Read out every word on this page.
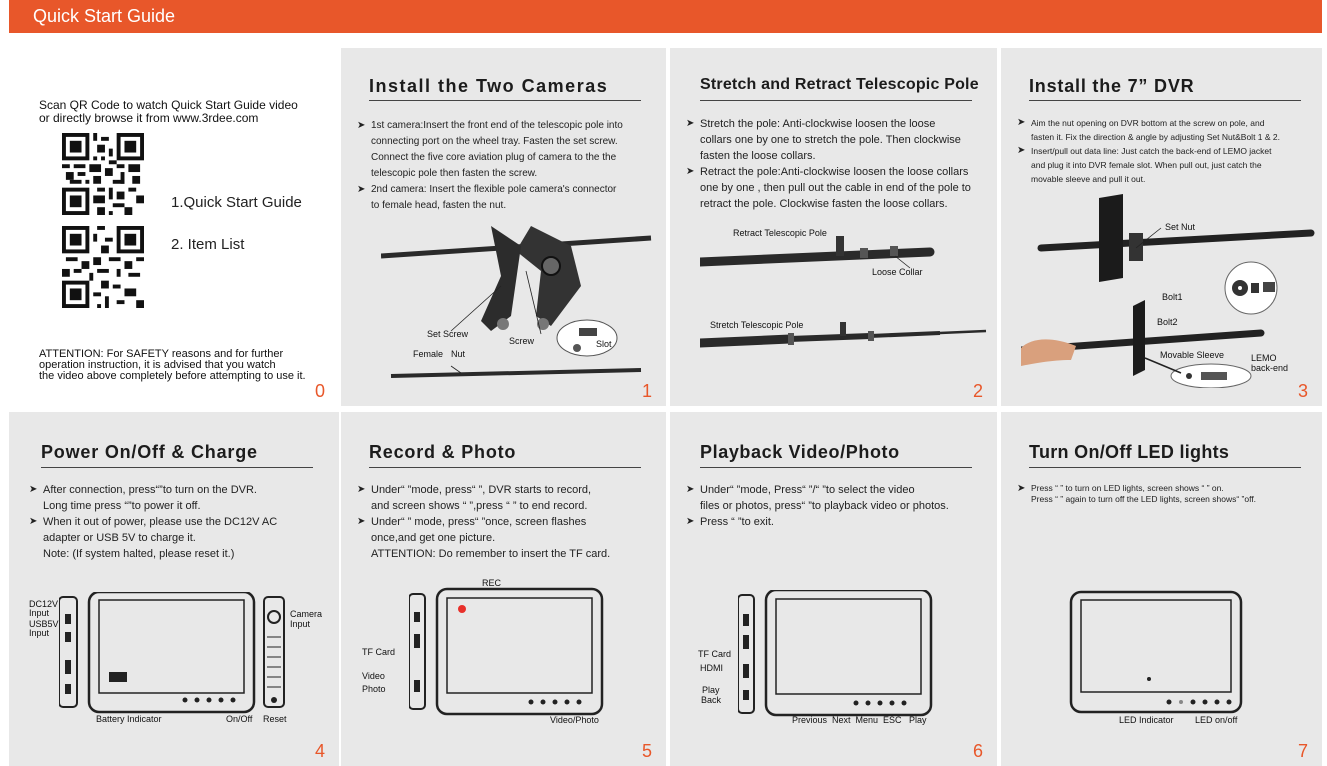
Quick Start Guide
Scan QR Code to watch Quick Start Guide video
or directly browse it from www.3rdee.com
1.Quick Start Guide
2. Item List
ATTENTION: For SAFETY reasons and for further
operation instruction, it is advised that you watch
the video above completely before attempting to use it.
0
Install the Two Cameras
➤ 1st camera:Insert the front end of the telescopic pole into
connecting port on the wheel tray. Fasten the set screw.
Connect the five core aviation plug of camera to the the
telescopic pole then fasten the screw.
➤ 2nd camera: Insert the flexible pole camera's connector
to female head, fasten the nut.
Set Screw
Screw	Slot
Female Nut
1
Stretch and Retract Telescopic Pole
➤ Stretch the pole: Anti-clockwise loosen the loose
collars one by one to stretch the pole. Then clockwise
fasten the loose collars.
➤ Retract the pole:Anti-clockwise loosen the loose collars
one by one , then pull out the cable in end of the pole to
retract the pole. Clockwise fasten the loose collars.
Retract Telescopic Pole
Loose Collar
Stretch Telescopic Pole
2
Install the 7” DVR
➤ Aim the nut opening on DVR bottom at the screw on pole, and
fasten it. Fix the direction & angle by adjusting Set Nut&Bolt 1 & 2.
➤ Insert/pull out data line: Just catch the back-end of LEMO jacket
and plug it into DVR female slot. When pull out, just catch the
movable sleeve and pull it out.
Set Nut
Bolt1
Bolt2
Movable Sleeve	LEMO
back-end
3
Power On/Off & Charge
➤ After connection, press“”to turn on the DVR.
Long time press “”to power it off.
➤ When it out of power, please use the DC12V AC
adapter or USB 5V to charge it.
Note: (If system halted, please reset it.)
DC12V
Input
USB5V
Input
Camera
Input
Battery Indicator	On/Off Reset
4
Record & Photo
➤ Under“ ”mode, press“ ”, DVR starts to record,
and screen shows “ ”,press “ ” to end record.
➤ Under“ ” mode, press“ ”once, screen flashes
once,and get one picture.
ATTENTION: Do remember to insert the TF card.
REC
TF Card
Video
Photo
Video/Photo
5
Playback Video/Photo
➤ Under“ ”mode, Press“ ”/“ ”to select the video
files or photos, press“ ”to playback video or photos.
➤ Press “ ”to exit.
TF Card
HDMI
Play
Back
Previous  Next  Menu  ESC   Play
6
Turn On/Off LED lights
➤ Press “ ” to turn on LED lights, screen shows “ ” on.
Press “ ” again to turn off the LED lights, screen shows“ ”off.
LED Indicator LED on/off
7
